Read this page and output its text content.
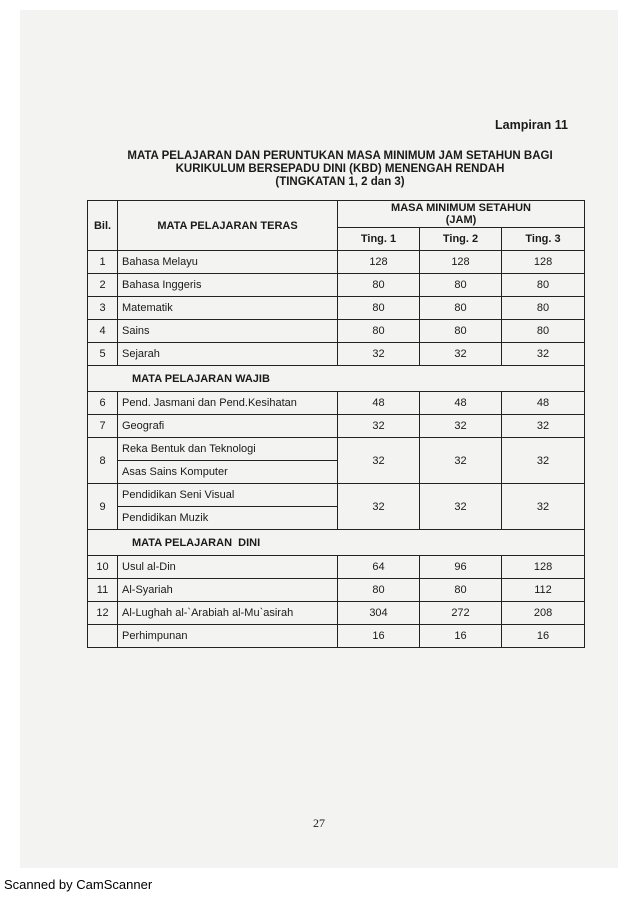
Lampiran 11
MATA PELAJARAN DAN PERUNTUKAN MASA MINIMUM JAM SETAHUN BAGI
KURIKULUM BERSEPADU DINI (KBD) MENENGAH RENDAH
(TINGKATAN 1, 2 dan 3)
Bil.	MATA PELAJARAN TERAS	MASA MINIMUM SETAHUN
(JAM)		

		Ting. 1	Ting. 2	Ting. 3
1	Bahasa Melayu	128	128	128
2	Bahasa Inggeris	80	80	80
3	Matematik	80	80	80
4	Sains	80	80	80
5	Sejarah	32	32	32
MATA PELAJARAN WAJIB				
6	Pend. Jasmani dan Pend.Kesihatan	48	48	48
7	Geografi	32	32	32
8	Reka Bentuk dan Teknologi	32	32	32
	Asas Sains Komputer			
9	Pendidikan Seni Visual	32	32	32
	Pendidikan Muzik			
MATA PELAJARAN  DINI				
10	Usul al-Din	64	96	128
11	Al-Syariah	80	80	112
12	Al-Lughah al-`Arabiah al-Mu`asirah	304	272	208
	Perhimpunan	16	16	16
27
Scanned by CamScanner
